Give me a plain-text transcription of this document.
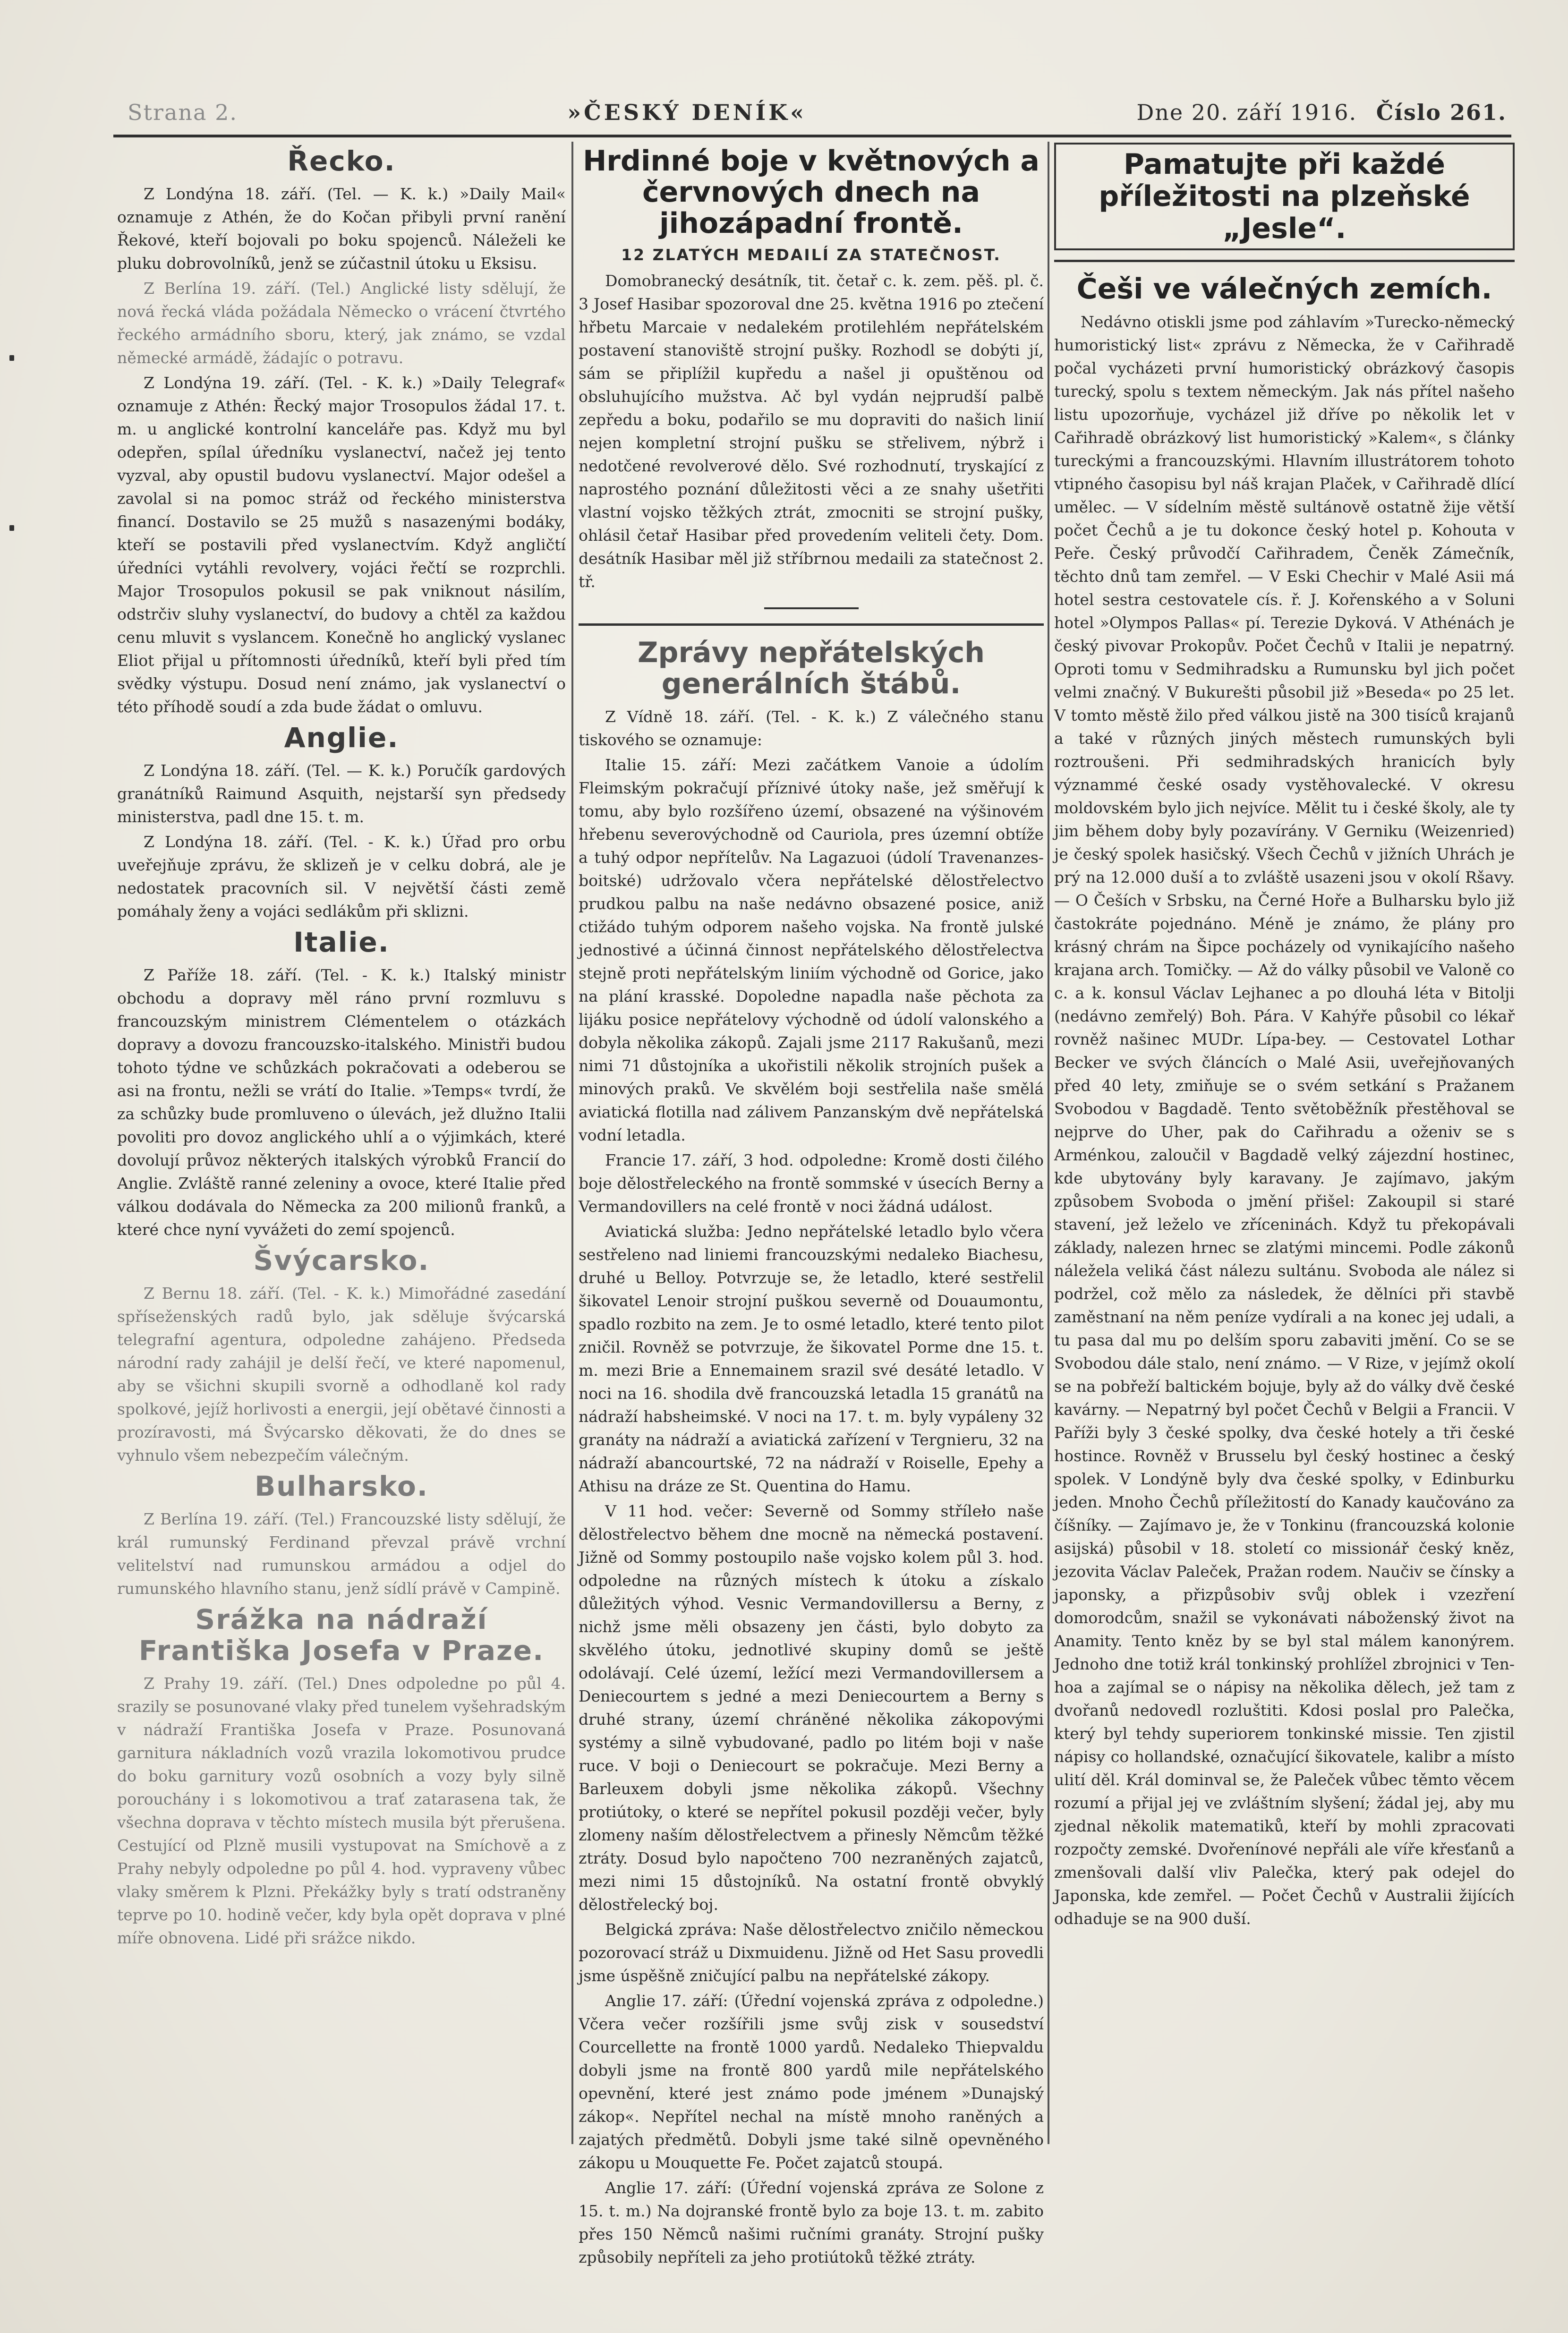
Strana 2.	»ČESKÝ DENÍK«	Dne 20. září 1916. Číslo 261.
Řecko.

Z Londýna 18. září. (Tel. — K. k.) »Daily Mail« oznamuje z Athén, že do Kočan přibyli první ranění Řekové, kteří bojovali po boku spojenců. Náleželi ke pluku dobrovolníků, jenž se zúčastnil útoku u Eksisu.

Z Berlína 19. září. (Tel.) Anglické listy sdělují, že nová řecká vláda požádala Německo o vrácení čtvrtého řeckého armádního sboru, který, jak známo, se vzdal německé armádě, žádajíc o potravu.

Z Londýna 19. září. (Tel. - K. k.) »Daily Telegraf« oznamuje z Athén: Řecký major Trosopulos žádal 17. t. m. u anglické kontrolní kanceláře pas. Když mu byl odepřen, spílal úředníku vyslanectví, načež jej tento vyzval, aby opustil budovu vyslanectví. Major odešel a zavolal si na pomoc stráž od řeckého ministerstva financí. Dostavilo se 25 mužů s nasazenými bodáky, kteří se postavili před vyslanectvím. Když angličtí úředníci vytáhli revolvery, vojáci řečtí se rozprchli. Major Trosopulos pokusil se pak vniknout násilím, odstrčiv sluhy vyslanectví, do budovy a chtěl za každou cenu mluvit s vyslancem. Konečně ho anglický vyslanec Eliot přijal u přítomnosti úředníků, kteří byli před tím svědky výstupu. Dosud není známo, jak vyslanectví o této příhodě soudí a zda bude žádat o omluvu.

Anglie.

Z Londýna 18. září. (Tel. — K. k.) Poručík gardových granátníků Raimund Asquith, nejstarší syn předsedy ministerstva, padl dne 15. t. m.

Z Londýna 18. září. (Tel. - K. k.) Úřad pro orbu uveřejňuje zprávu, že sklizeň je v celku dobrá, ale je nedostatek pracovních sil. V největší části země pomáhaly ženy a vojáci sedlákům při sklizni.

Italie.

Z Paříže 18. září. (Tel. - K. k.) Italský ministr obchodu a dopravy měl ráno první rozmluvu s francouzským ministrem Clémentelem o otázkách dopravy a dovozu francouzsko-italského. Ministři budou tohoto týdne ve schůzkách pokračovati a odeberou se asi na frontu, nežli se vrátí do Italie. »Temps« tvrdí, že za schůzky bude promluveno o úlevách, jež dlužno Italii povoliti pro dovoz anglického uhlí a o výjimkách, které dovolují průvoz některých italských výrobků Francií do Anglie. Zvláště ranné zeleniny a ovoce, které Italie před válkou dodávala do Německa za 200 milionů franků, a které chce nyní vyvážeti do zemí spojenců.

Švýcarsko.

Z Bernu 18. září. (Tel. - K. k.) Mimořádné zasedání spříseženských radů bylo, jak sděluje švýcarská telegrafní agentura, odpoledne zahájeno. Předseda národní rady zahájil je delší řečí, ve které napomenul, aby se všichni skupili svorně a odhodlaně kol rady spolkové, jejíž horlivosti a energii, její obětavé činnosti a prozíravosti, má Švýcarsko děkovati, že do dnes se vyhnulo všem nebezpečím válečným.

Bulharsko.

Z Berlína 19. září. (Tel.) Francouzské listy sdělují, že král rumunský Ferdinand převzal právě vrchní velitelství nad rumunskou armádou a odjel do rumunského hlavního stanu, jenž sídlí právě v Campině.

Srážka na nádraží Františka Josefa v Praze.

Z Prahy 19. září. (Tel.) Dnes odpoledne po půl 4. srazily se posunované vlaky před tunelem vyšehradským v nádraží Františka Josefa v Praze. Posunovaná garnitura nákladních vozů vrazila lokomotivou prudce do boku garnitury vozů osobních a vozy byly silně porouchány i s lokomotivou a trať zatarasena tak, že všechna doprava v těchto místech musila být přerušena. Cestující od Plzně musili vystupovat na Smíchově a z Prahy nebyly odpoledne po půl 4. hod. vypraveny vůbec vlaky směrem k Plzni. Překážky byly s tratí odstraněny teprve po 10. hodině večer, kdy byla opět doprava v plné míře obnovena. Lidé při srážce nikdo.

Hrdinné boje v květnových a červnových dnech na jihozápadní frontě.
12 ZLATÝCH MEDAILÍ ZA STATEČNOST.

Domobranecký desátník, tit. četař c. k. zem. pěš. pl. č. 3 Josef Hasibar spozoroval dne 25. května 1916 po ztečení hřbetu Marcaie v nedalekém protilehlém nepřátelském postavení stanoviště strojní pušky. Rozhodl se dobýti jí, sám se připlížil kupředu a našel ji opuštěnou od obsluhujícího mužstva. Ač byl vydán nejprudší palbě zepředu a boku, podařilo se mu dopraviti do našich linií nejen kompletní strojní pušku se střelivem, nýbrž i nedotčené revolverové dělo. Své rozhodnutí, tryskající z naprostého poznání důležitosti věci a ze snahy ušetřiti vlastní vojsko těžkých ztrát, zmocniti se strojní pušky, ohlásil četař Hasibar před provedením veliteli čety. Dom. desátník Hasibar měl již stříbrnou medaili za statečnost 2. tř.

Zprávy nepřátelských generálních štábů.

Z Vídně 18. září. (Tel. - K. k.) Z válečného stanu tiskového se oznamuje:

Italie 15. září: Mezi začátkem Vanoie a údolím Fleimským pokračují příznivé útoky naše, jež směřují k tomu, aby bylo rozšířeno území, obsazené na výšinovém hřebenu severovýchodně od Cauriola, pres územní obtíže a tuhý odpor nepřítelův. Na Lagazuoi (údolí Travenanzes-boitské) udržovalo včera nepřátelské dělostřelectvo prudkou palbu na naše nedávno obsazené posice, aniž ctižádo tuhým odporem našeho vojska. Na frontě julské jednostivé a účinná činnost nepřátelského dělostřelectva stejně proti nepřátelským liniím východně od Gorice, jako na plání krasské. Dopoledne napadla naše pěchota za lijáku posice nepřátelovy východně od údolí valonského a dobyla několika zákopů. Zajali jsme 2117 Rakušanů, mezi nimi 71 důstojníka a ukořistili několik strojních pušek a minových praků. Ve skvělém boji sestřelila naše smělá aviatická flotilla nad zálivem Panzanským dvě nepřátelská vodní letadla.

Francie 17. září, 3 hod. odpoledne: Kromě dosti čilého boje dělostřeleckého na frontě sommské v úsecích Berny a Vermandovillers na celé frontě v noci žádná událost.

Aviatická služba: Jedno nepřátelské letadlo bylo včera sestřeleno nad liniemi francouzskými nedaleko Biachesu, druhé u Belloy. Potvrzuje se, že letadlo, které sestřelil šikovatel Lenoir strojní puškou severně od Douaumontu, spadlo rozbito na zem. Je to osmé letadlo, které tento pilot zničil. Rovněž se potvrzuje, že šikovatel Porme dne 15. t. m. mezi Brie a Ennemainem srazil své desáté letadlo. V noci na 16. shodila dvě francouzská letadla 15 granátů na nádraží habsheimské. V noci na 17. t. m. byly vypáleny 32 granáty na nádraží a aviatická zařízení v Tergnieru, 32 na nádraží abancourtské, 72 na nádraží v Roiselle, Epehy a Athisu na dráze ze St. Quentina do Hamu.

V 11 hod. večer: Severně od Sommy stříleło naše dělostřelectvo během dne mocně na německá postavení. Jižně od Sommy postoupilo naše vojsko kolem půl 3. hod. odpoledne na různých místech k útoku a získalo důležitých výhod. Vesnic Vermandovillersu a Berny, z nichž jsme měli obsazeny jen části, bylo dobyto za skvělého útoku, jednotlivé skupiny domů se ještě odolávají. Celé území, ležící mezi Vermandovillersem a Deniecourtem s jedné a mezi Deniecourtem a Berny s druhé strany, území chráněné několika zákopovými systémy a silně vybudované, padlo po litém boji v naše ruce. V boji o Deniecourt se pokračuje. Mezi Berny a Barleuxem dobyli jsme několika zákopů. Všechny protiútoky, o které se nepřítel pokusil později večer, byly zlomeny naším dělostřelectvem a přinesly Němcům těžké ztráty. Dosud bylo napočteno 700 nezraněných zajatců, mezi nimi 15 důstojníků. Na ostatní frontě obvyklý dělostřelecký boj.

Belgická zpráva: Naše dělostřelectvo zničilo německou pozorovací stráž u Dixmuidenu. Jižně od Het Sasu provedli jsme úspěšně zničující palbu na nepřátelské zákopy.

Anglie 17. září: (Úřední vojenská zpráva z odpoledne.) Včera večer rozšířili jsme svůj zisk v sousedství Courcellette na frontě 1000 yardů. Nedaleko Thiepvaldu dobyli jsme na frontě 800 yardů mile nepřátelského opevnění, které jest známo pode jménem »Dunajský zákop«. Nepřítel nechal na místě mnoho raněných a zajatých předmětů. Dobyli jsme také silně opevněného zákopu u Mouquette Fe. Počet zajatců stoupá.

Anglie 17. září: (Úřední vojenská zpráva ze Solone z 15. t. m.) Na dojranské frontě bylo za boje 13. t. m. zabito přes 150 Němců našimi ručními granáty. Strojní pušky způsobily nepříteli za jeho protiútoků těžké ztráty.

Pamatujte při každé příležitosti na plzeňské „Jesle“.
Češi ve válečných zemích.

Nedávno otiskli jsme pod záhlavím »Turecko-německý humoristický list« zprávu z Německa, že v Cařihradě počal vycházeti první humoristický obrázkový časopis turecký, spolu s textem německým. Jak nás přítel našeho listu upozorňuje, vycházel již dříve po několik let v Cařihradě obrázkový list humoristický »Kalem«, s články tureckými a francouzskými. Hlavním illustrátorem tohoto vtipného časopisu byl náš krajan Plaček, v Cařihradě dlící umělec. — V sídelním městě sultánově ostatně žije větší počet Čechů a je tu dokonce český hotel p. Kohouta v Peře. Český průvodčí Cařihradem, Čeněk Zámečník, těchto dnů tam zemřel. — V Eski Chechir v Malé Asii má hotel sestra cestovatele cís. ř. J. Kořenského a v Soluni hotel »Olympos Pallas« pí. Terezie Dyková. V Athénách je český pivovar Prokopův. Počet Čechů v Italii je nepatrný. Oproti tomu v Sedmihradsku a Rumunsku byl jich počet velmi značný. V Bukurešti působil již »Beseda« po 25 let. V tomto městě žilo před válkou jistě na 300 tisíců krajanů a také v různých jiných městech rumunských byli roztroušeni. Při sedmihradských hranicích byly význammé české osady vystěhovalecké. V okresu moldovském bylo jich nejvíce. Mělit tu i české školy, ale ty jim během doby byly pozavírány. V Gerniku (Weizenried) je český spolek hasičský. Všech Čechů v jižních Uhrách je prý na 12.000 duší a to zvláště usazeni jsou v okolí Ršavy. — O Češích v Srbsku, na Černé Hoře a Bulharsku bylo již častokráte pojednáno. Méně je známo, že plány pro krásný chrám na Šipce pocházely od vynikajícího našeho krajana arch. Tomičky. — Až do války působil ve Valoně co c. a k. konsul Václav Lejhanec a po dlouhá léta v Bitolji (nedávno zemřelý) Boh. Pára. V Kahýře působil co lékař rovněž našinec MUDr. Lípa-bey. — Cestovatel Lothar Becker ve svých článcích o Malé Asii, uveřejňovaných před 40 lety, zmiňuje se o svém setkání s Pražanem Svobodou v Bagdadě. Tento světoběžník přestěhoval se nejprve do Uher, pak do Cařihradu a oženiv se s Arménkou, zaloučil v Bagdadě velký zájezdní hostinec, kde ubytovány byly karavany. Je zajímavo, jakým způsobem Svoboda o jmění přišel: Zakoupil si staré stavení, jež leželo ve zříceninách. Když tu překopávali základy, nalezen hrnec se zlatými mincemi. Podle zákonů náležela veliká část nálezu sultánu. Svoboda ale nález si podržel, což mělo za následek, že dělníci při stavbě zaměstnaní na něm peníze vydírali a na konec jej udali, a tu pasa dal mu po delším sporu zabaviti jmění. Co se se Svobodou dále stalo, není známo. — V Rize, v jejímž okolí se na pobřeží baltickém bojuje, byly až do války dvě české kavárny. — Nepatrný byl počet Čechů v Belgii a Francii. V Paříži byly 3 české spolky, dva české hotely a tři české hostince. Rovněž v Brusselu byl český hostinec a český spolek. V Londýně byly dva české spolky, v Edinburku jeden. Mnoho Čechů příležitostí do Kanady kaučováno za číšníky. — Zajímavo je, že v Tonkinu (francouzská kolonie asijská) působil v 18. století co missionář český kněz, jezovita Václav Paleček, Pražan rodem. Naučiv se čínsky a japonsky, a přizpůsobiv svůj oblek i vzezření domorodcům, snažil se vykonávati náboženský život na Anamity. Tento kněz by se byl stal málem kanonýrem. Jednoho dne totiž král tonkinský prohlížel zbrojnici v Ten-hoa a zajímal se o nápisy na několika dělech, jež tam z dvořanů nedovedl rozluštiti. Kdosi poslal pro Palečka, který byl tehdy superiorem tonkinské missie. Ten zjistil nápisy co hollandské, označující šikovatele, kalibr a místo ulití děl. Král dominval se, že Paleček vůbec těmto věcem rozumí a přijal jej ve zvláštním slyšení; žádal jej, aby mu zjednal několik matematiků, kteří by mohli zpracovati rozpočty zemské. Dvořenínové nepřáli ale víře křesťanů a zmenšovali další vliv Palečka, který pak odejel do Japonska, kde zemřel. — Počet Čechů v Australii žijících odhaduje se na 900 duší.
